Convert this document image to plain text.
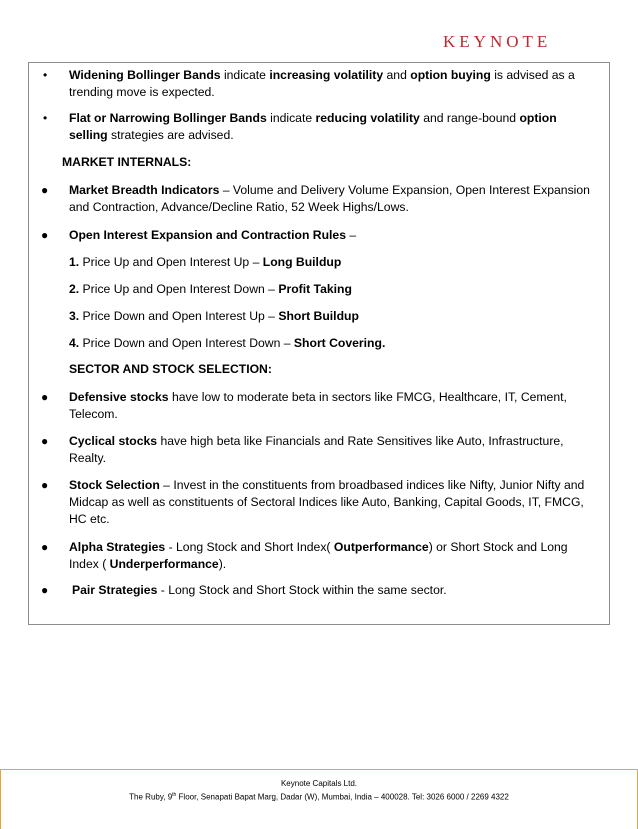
KEYNOTE
• Widening Bollinger Bands indicate increasing volatility and option buying is advised as a trending move is expected.
• Flat or Narrowing Bollinger Bands indicate reducing volatility and range-bound option selling strategies are advised.
MARKET INTERNALS:
● Market Breadth Indicators – Volume and Delivery Volume Expansion, Open Interest Expansion and Contraction, Advance/Decline Ratio, 52 Week Highs/Lows.
● Open Interest Expansion and Contraction Rules –
1. Price Up and Open Interest Up – Long Buildup
2. Price Up and Open Interest Down – Profit Taking
3. Price Down and Open Interest Up – Short Buildup
4. Price Down and Open Interest Down – Short Covering.
SECTOR AND STOCK SELECTION:
● Defensive stocks have low to moderate beta in sectors like FMCG, Healthcare, IT, Cement, Telecom.
● Cyclical stocks have high beta like Financials and Rate Sensitives like Auto, Infrastructure, Realty.
● Stock Selection – Invest in the constituents from broadbased indices like Nifty, Junior Nifty and Midcap as well as constituents of Sectoral Indices like Auto, Banking, Capital Goods, IT, FMCG, HC etc.
● Alpha Strategies - Long Stock and Short Index( Outperformance) or Short Stock and Long Index ( Underperformance).
● Pair Strategies - Long Stock and Short Stock within the same sector.
Keynote Capitals Ltd.
The Ruby, 9th Floor, Senapati Bapat Marg, Dadar (W), Mumbai, India – 400028. Tel: 3026 6000 / 2269 4322
